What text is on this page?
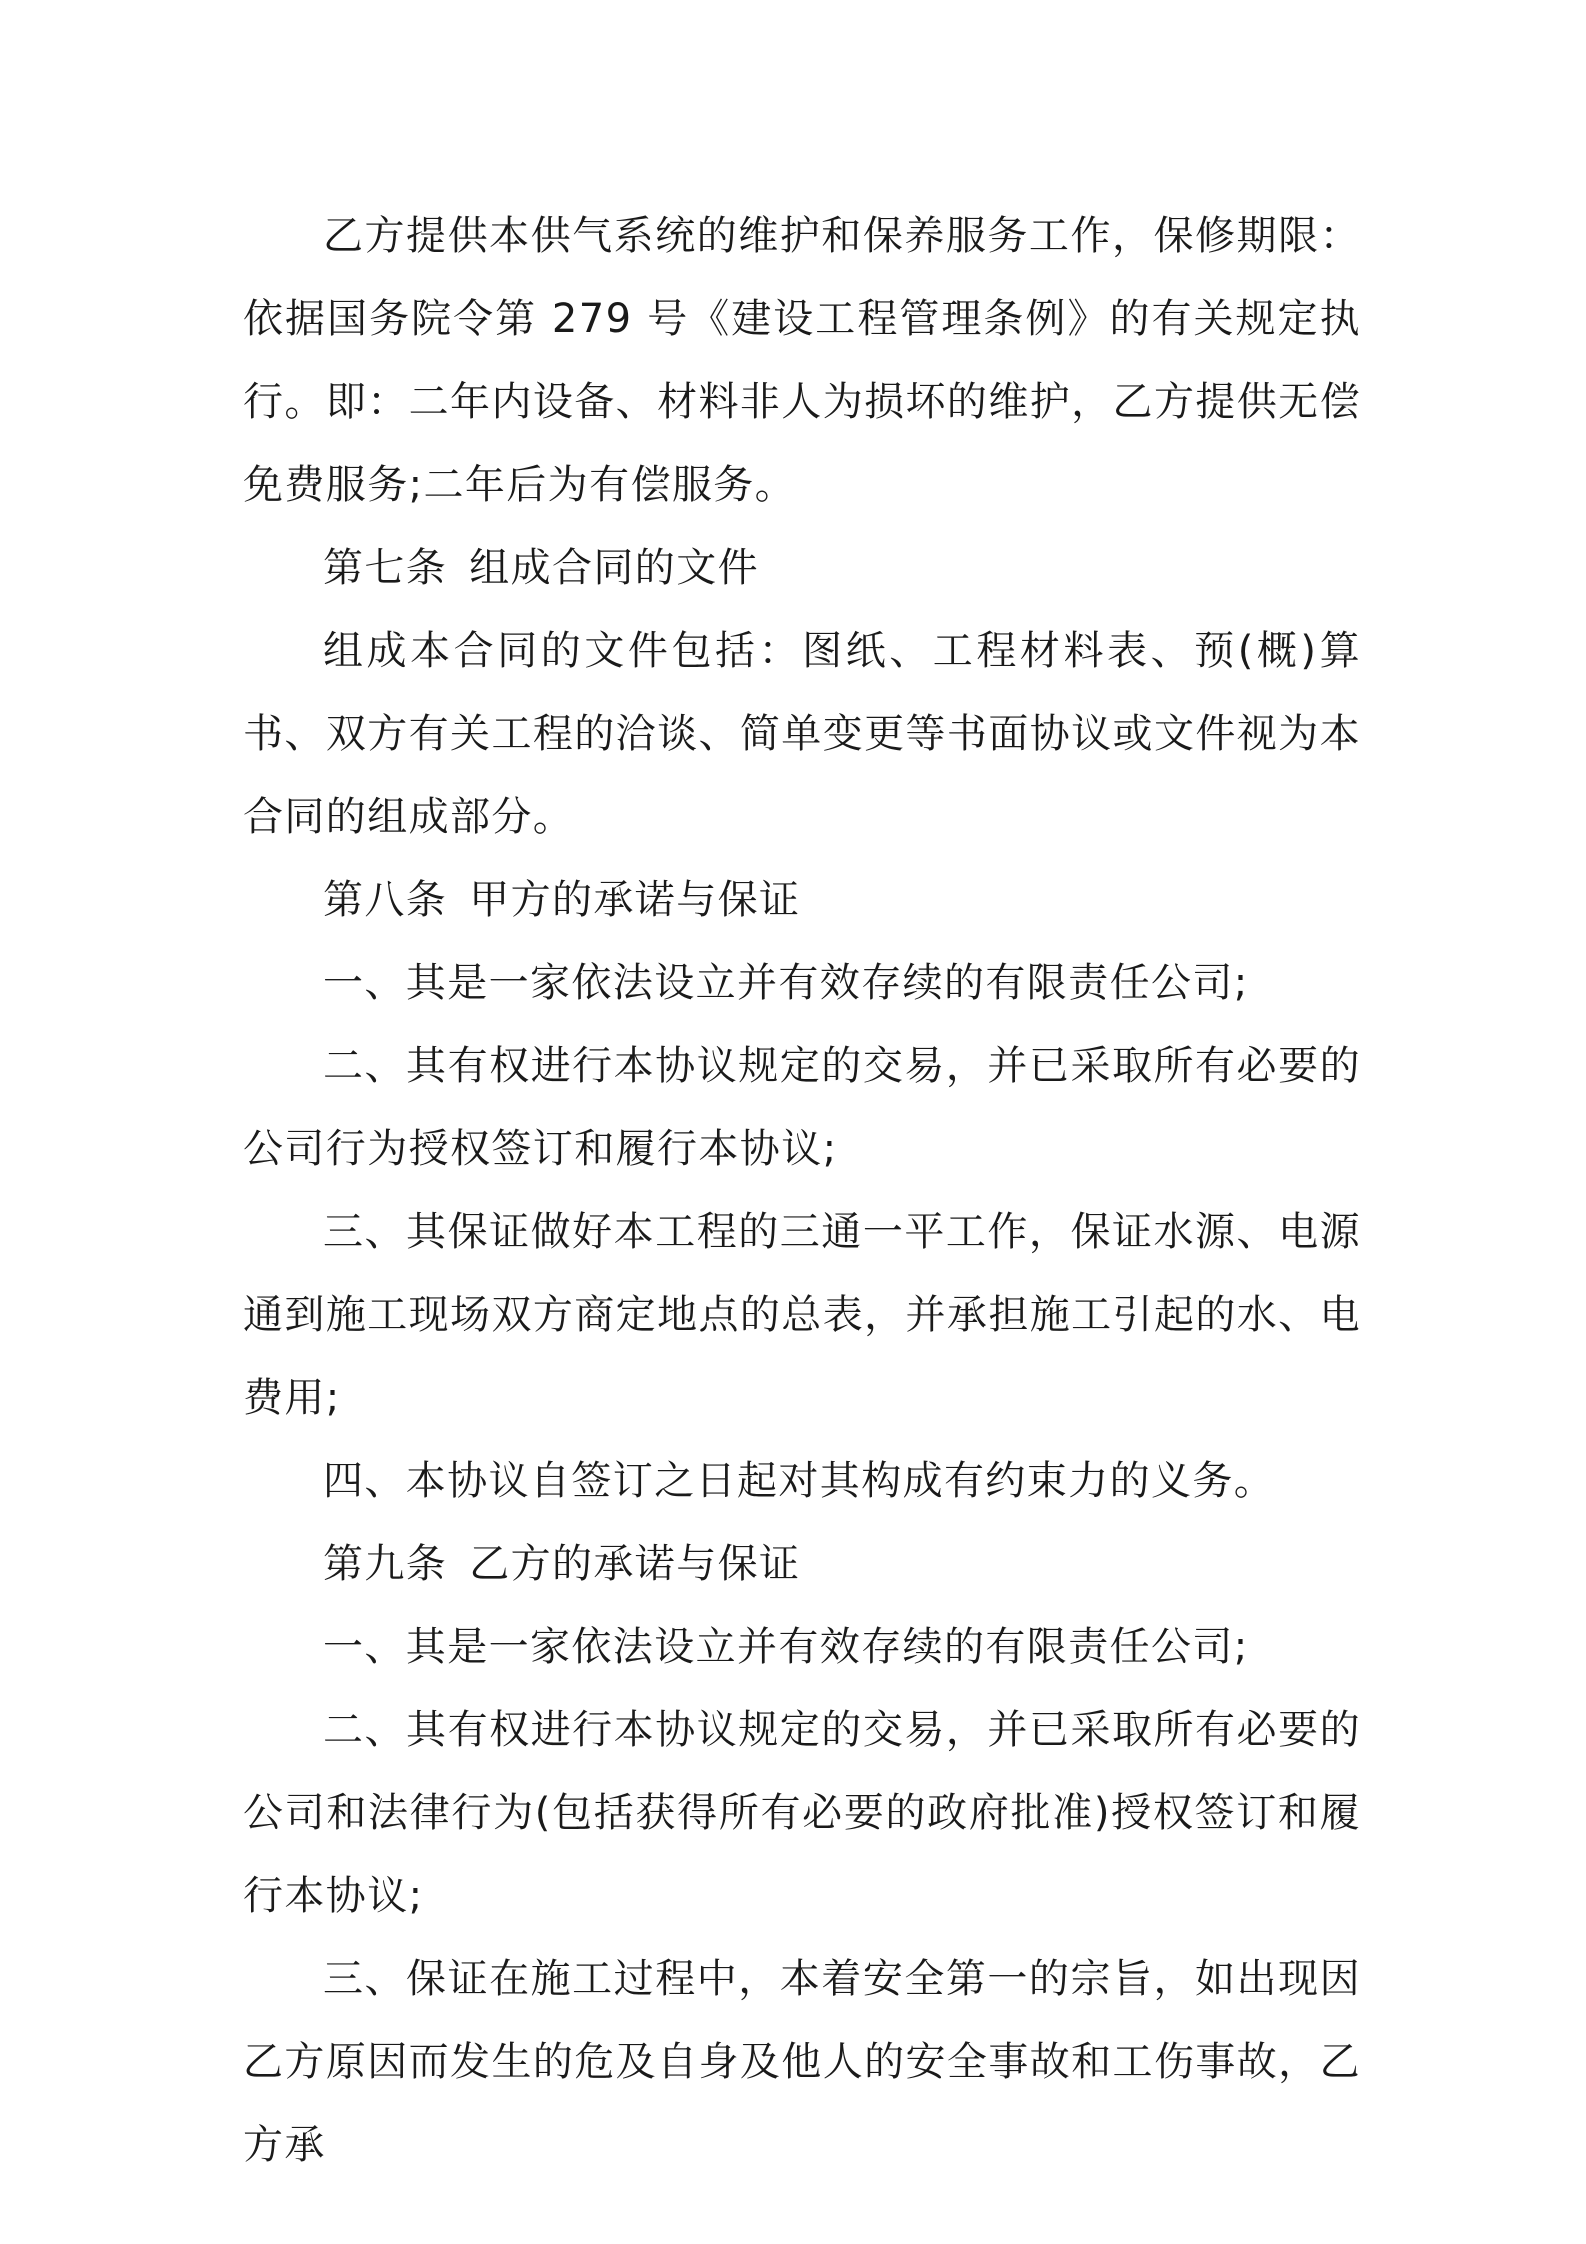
乙方提供本供气系统的维护和保养服务工作，保修期限：依据国务院令第 279 号《建设工程管理条例》的有关规定执行。即：二年内设备、材料非人为损坏的维护，乙方提供无偿免费服务;二年后为有偿服务。

第七条 组成合同的文件

组成本合同的文件包括：图纸、工程材料表、预(概)算书、双方有关工程的洽谈、简单变更等书面协议或文件视为本合同的组成部分。

第八条 甲方的承诺与保证

一、其是一家依法设立并有效存续的有限责任公司;

二、其有权进行本协议规定的交易，并已采取所有必要的公司行为授权签订和履行本协议;

三、其保证做好本工程的三通一平工作，保证水源、电源通到施工现场双方商定地点的总表，并承担施工引起的水、电费用;

四、本协议自签订之日起对其构成有约束力的义务。

第九条 乙方的承诺与保证

一、其是一家依法设立并有效存续的有限责任公司;

二、其有权进行本协议规定的交易，并已采取所有必要的公司和法律行为(包括获得所有必要的政府批准)授权签订和履行本协议;

三、保证在施工过程中，本着安全第一的宗旨，如出现因乙方原因而发生的危及自身及他人的安全事故和工伤事故，乙方承
